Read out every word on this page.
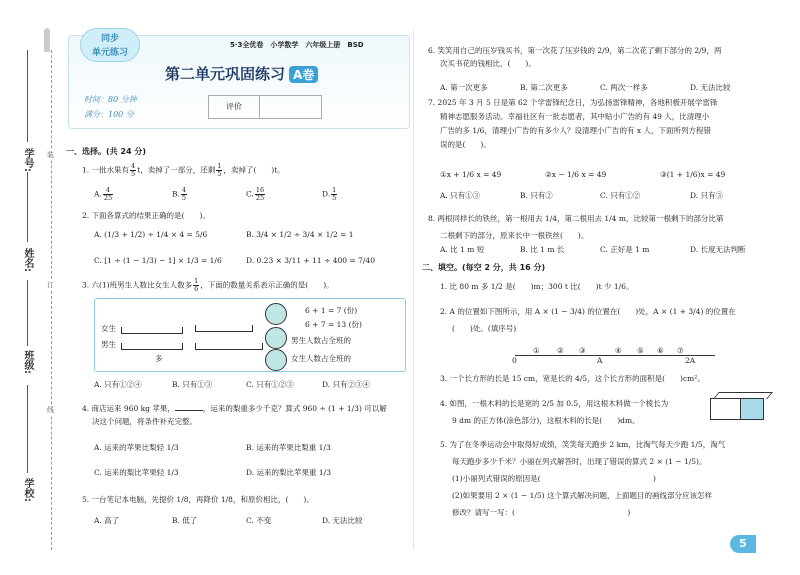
装
订
线
学号:
姓名:
班级:
学校:
同步
单元练习
5·3全优卷　小学数学　六年级上册　BSD
第二单元巩固练习 A卷
时间：80 分钟
满分：100 分
评价
一、选择。(共 24 分)
1. 一批水果有 $\frac{4}{5}$ t，卖掉了一部分，还剩 $\frac{1}{5}$ ，卖掉了(　　)t。
A. $\frac{4}{25}$	B. $\frac{4}{5}$	C. $\frac{16}{25}$	D. $\frac{1}{5}$
2. 下面各算式的结果正确的是(　　)。
A. (1/3 + 1/2) ÷ 1/4 × 4 = 5/6	B. 3/4 × 1/2 ÷ 3/4 × 1/2 = 1
C. [1 ÷ (1 − 1/3) − 1] × 1/3 = 1/6	D. 0.23 × 3/11 + 11 ÷ 400 = 7/40
3. 六(1)班男生人数比女生人数多 $\frac{1}{6}$ ，下面的数量关系表示正确的是(　　)。
女生
男生
多
6 + 1 = 7 (份)
6 + 7 = 13 (份)
男生人数占全班的
女生人数占全班的
A. 只有①②④	B. 只有①③	C. 只有①②③	D. 只有②③④
4. 商店运来 960 kg 苹果，	，运来的梨重多少千克？算式 960 ÷ (1 + 1/3) 可以解
决这个问题，将条件补充完整。
A. 运来的苹果比梨轻 1/3	B. 运来的苹果比梨重 1/3
C. 运来的梨比苹果轻 1/3	D. 运来的梨比苹果重 1/3
5. 一台笔记本电脑，先提价 1/8，再降价 1/8，和原价相比，(　　)。
A. 高了	B. 低了	C. 不变	D. 无法比较
6. 笑笑用自己的压岁钱买书，第一次花了压岁钱的 2/9，第二次花了剩下部分的 2/9，两
次买书花的钱相比，(　　)。
A. 第一次更多	B. 第二次更多	C. 两次一样多	D. 无法比较
7. 2025 年 3 月 5 日是第 62 个学雷锋纪念日，为弘扬雷锋精神，各地积极开展学雷锋
精神志愿服务活动。幸福社区有一批志愿者，其中贴小广告的有 49 人，比清理小
广告的多 1/6，清理小广告的有多少人？设清理小广告的有 x 人，下面所列方程错
误的是(　　)。
①x + 1/6 x = 49	②x − 1/6 x = 49	③(1 + 1/6)x = 49
A. 只有①③	B. 只有②	C. 只有①②	D. 只有③
8. 两根同样长的铁丝，第一根用去 1/4，第二根用去 1/4 m，比较第一根剩下的部分比第
二根剩下的部分，原来长中一根铁丝(　　)。
A. 比 1 m 短	B. 比 1 m 长	C. 正好是 1 m	D. 长度无法判断
二、填空。(每空 2 分，共 16 分)
1. 比 80 m 多 1/2 是(　　)m；300 t 比(　　)t 少 1/6。
2. A 的位置如下图所示，用 A × (1 − 3/4) 的位置在(　　)处，A × (1 + 3/4) 的位置在
(　　)处。(填序号)
0
① ② ③
A
④ ⑤ ⑥ ⑦
2A
3. 一个长方形的长是 15 cm，宽是长的 4/5，这个长方形的面积是(　　)cm²。
4. 如图，一根木料的长是宽的 2/5 加 0.5，用这根木料做一个棱长为
9 dm 的正方体(涂色部分)，这根木料的长是(　　)dm。
5. 为了在冬季运动会中取得好成绩，笑笑每天跑步 2 km，比淘气每天少跑 1/5，淘气
每天跑步多少千米？小丽在列式解答时，出现了错误的算式 2 × (1 − 1/5)。
(1)小丽列式错误的原因是(　　　　　　　　　　　　　　　)
(2)如果要用 2 × (1 − 1/5) 这个算式解决问题，上面题目的画线部分应该怎样
修改？请写一写：(　　　　　　　　　　　　　　　)
5
